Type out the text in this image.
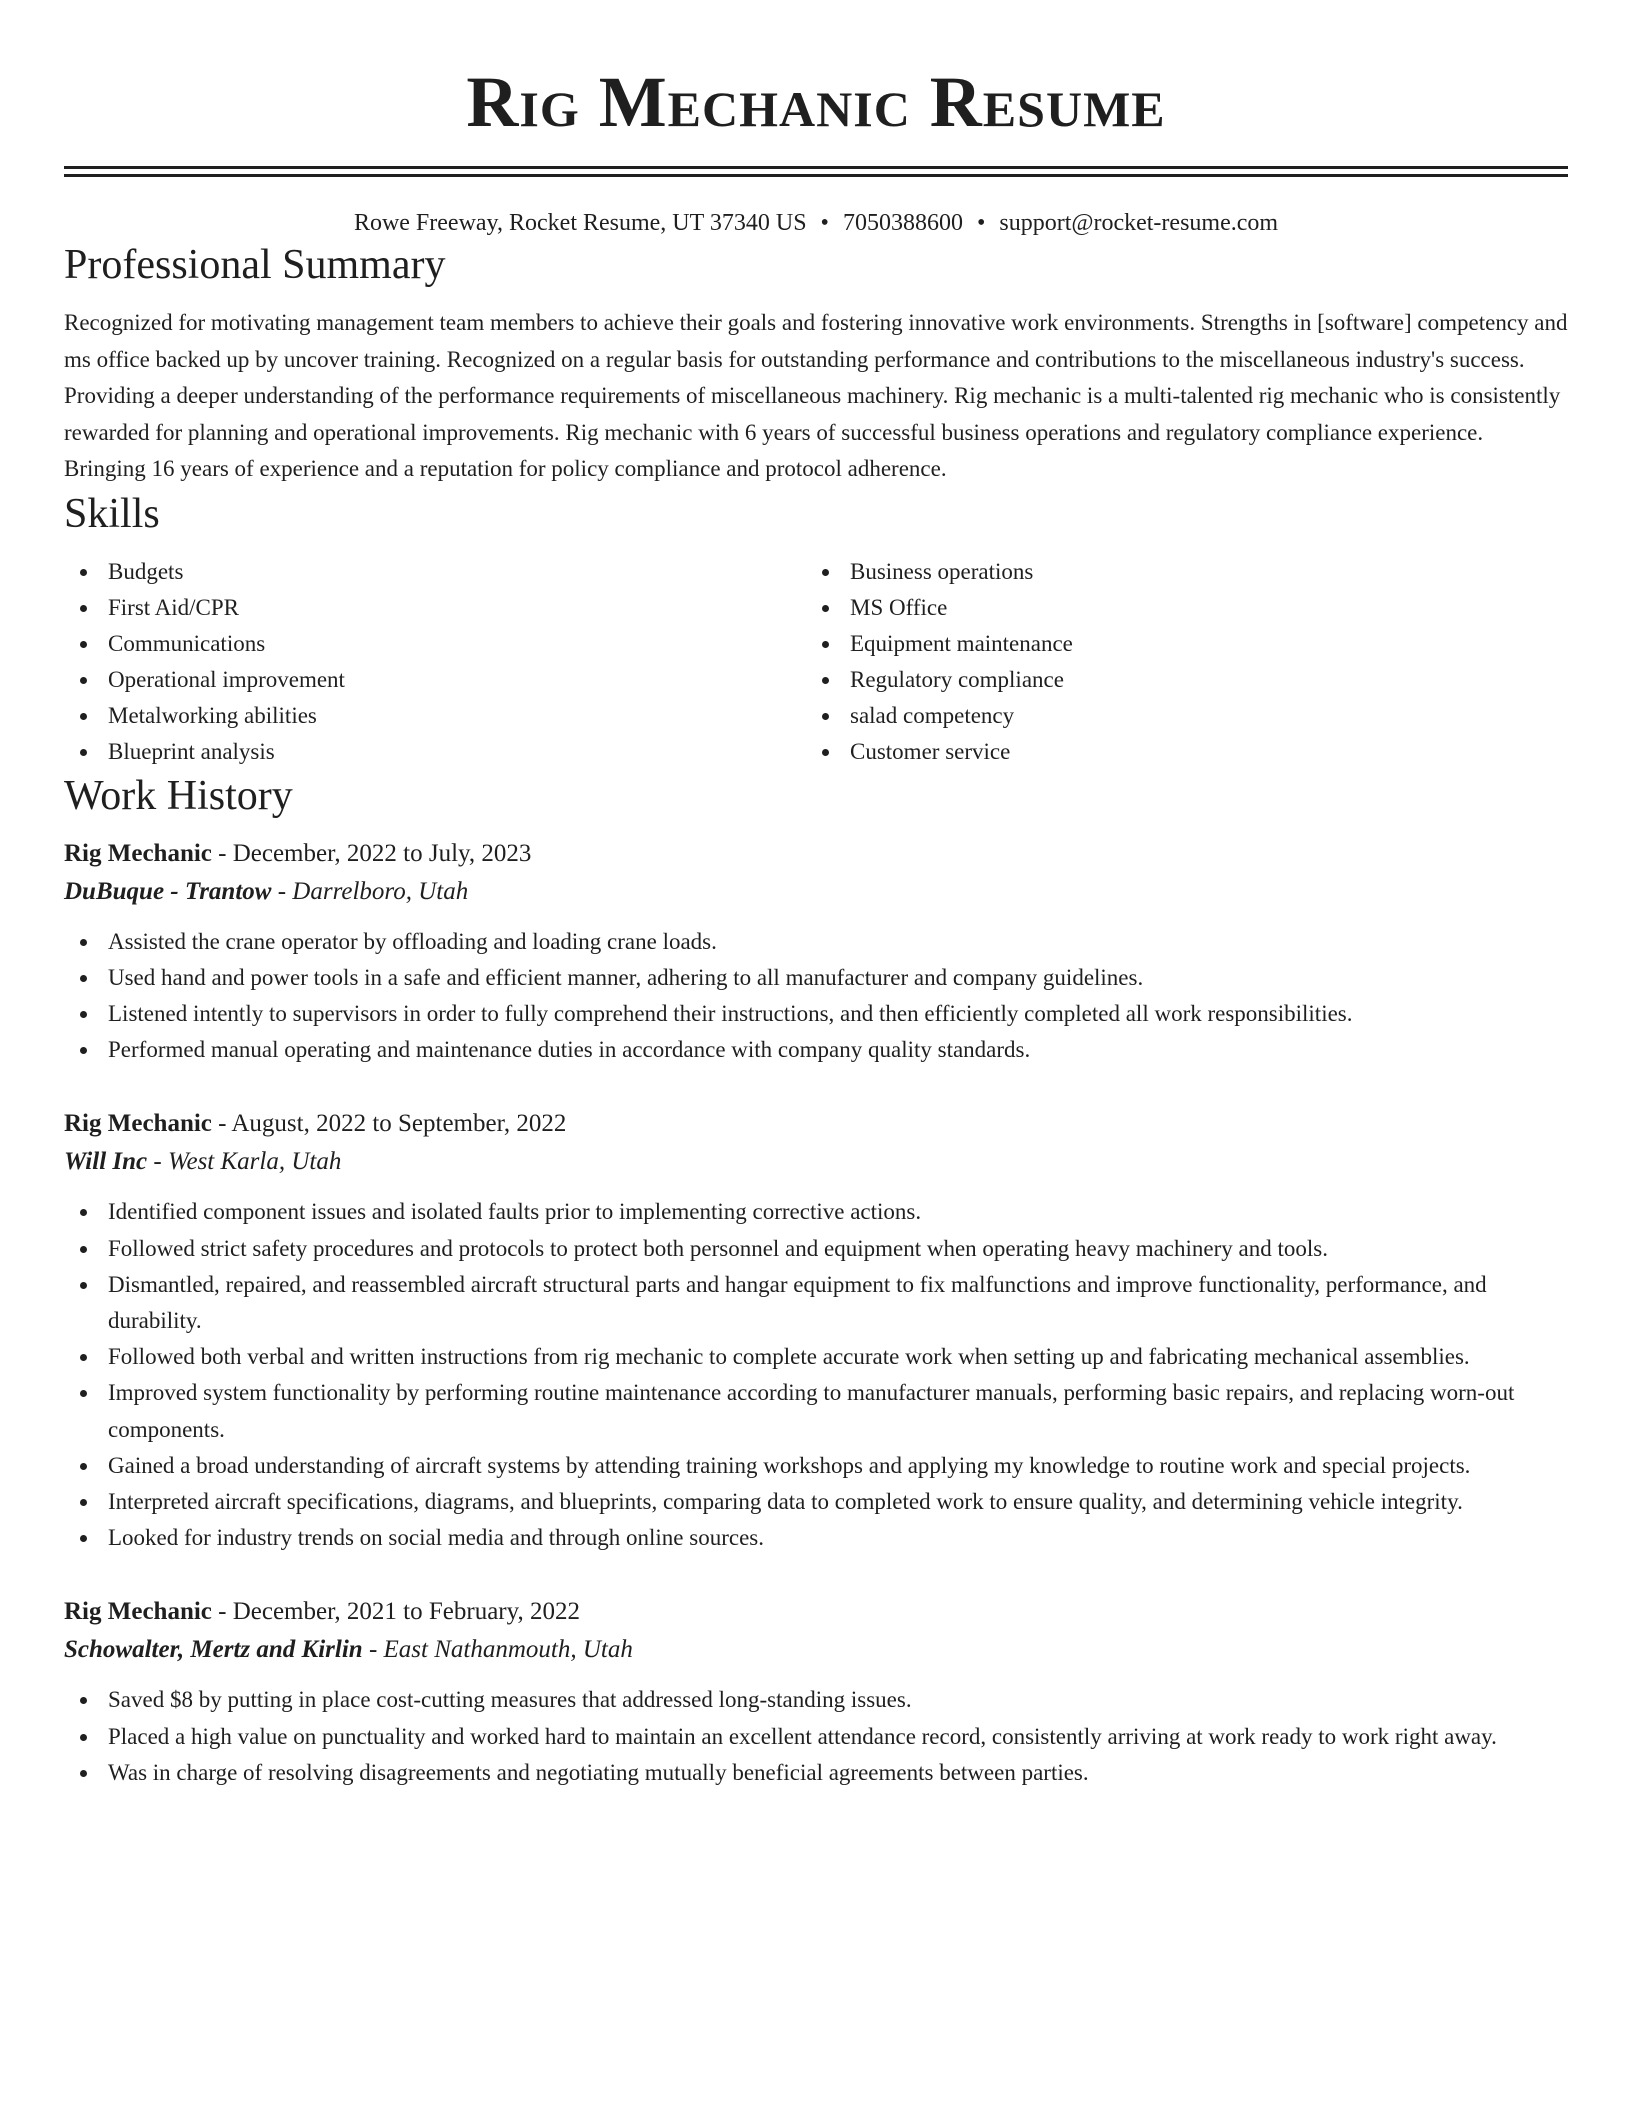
Rig Mechanic Resume
Rowe Freeway, Rocket Resume, UT 37340 US • 7050388600 • support@rocket-resume.com
Professional Summary
Recognized for motivating management team members to achieve their goals and fostering innovative work environments. Strengths in [software] competency and ms office backed up by uncover training. Recognized on a regular basis for outstanding performance and contributions to the miscellaneous industry's success. Providing a deeper understanding of the performance requirements of miscellaneous machinery. Rig mechanic is a multi-talented rig mechanic who is consistently rewarded for planning and operational improvements. Rig mechanic with 6 years of successful business operations and regulatory compliance experience. Bringing 16 years of experience and a reputation for policy compliance and protocol adherence.
Skills
Budgets
First Aid/CPR
Communications
Operational improvement
Metalworking abilities
Blueprint analysis
Business operations
MS Office
Equipment maintenance
Regulatory compliance
salad competency
Customer service
Work History
Rig Mechanic - December, 2022 to July, 2023
DuBuque - Trantow - Darrelboro, Utah
Assisted the crane operator by offloading and loading crane loads.
Used hand and power tools in a safe and efficient manner, adhering to all manufacturer and company guidelines.
Listened intently to supervisors in order to fully comprehend their instructions, and then efficiently completed all work responsibilities.
Performed manual operating and maintenance duties in accordance with company quality standards.
Rig Mechanic - August, 2022 to September, 2022
Will Inc - West Karla, Utah
Identified component issues and isolated faults prior to implementing corrective actions.
Followed strict safety procedures and protocols to protect both personnel and equipment when operating heavy machinery and tools.
Dismantled, repaired, and reassembled aircraft structural parts and hangar equipment to fix malfunctions and improve functionality, performance, and durability.
Followed both verbal and written instructions from rig mechanic to complete accurate work when setting up and fabricating mechanical assemblies.
Improved system functionality by performing routine maintenance according to manufacturer manuals, performing basic repairs, and replacing worn-out components.
Gained a broad understanding of aircraft systems by attending training workshops and applying my knowledge to routine work and special projects.
Interpreted aircraft specifications, diagrams, and blueprints, comparing data to completed work to ensure quality, and determining vehicle integrity.
Looked for industry trends on social media and through online sources.
Rig Mechanic - December, 2021 to February, 2022
Schowalter, Mertz and Kirlin - East Nathanmouth, Utah
Saved $8 by putting in place cost-cutting measures that addressed long-standing issues.
Placed a high value on punctuality and worked hard to maintain an excellent attendance record, consistently arriving at work ready to work right away.
Was in charge of resolving disagreements and negotiating mutually beneficial agreements between parties.
